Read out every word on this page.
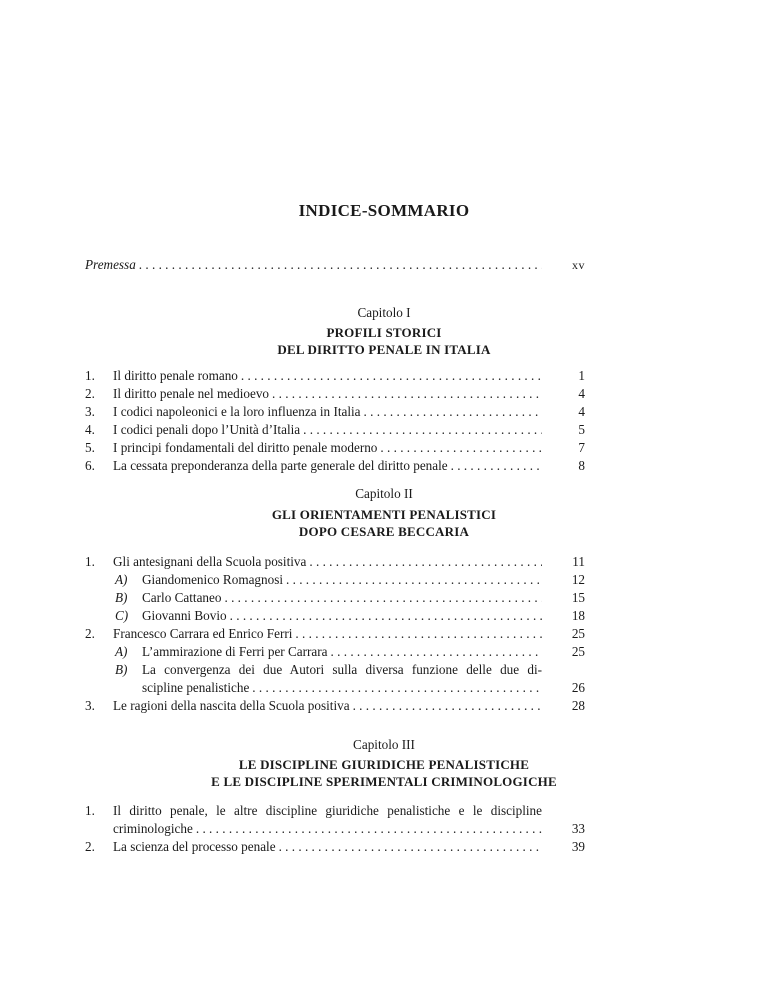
INDICE-SOMMARIO
Premessa . . .	xv
Capitolo I
PROFILI STORICI
DEL DIRITTO PENALE IN ITALIA
1. Il diritto penale romano . . .	1
2. Il diritto penale nel medioevo . . .	4
3. I codici napoleonici e la loro influenza in Italia . . .	4
4. I codici penali dopo l’Unità d’Italia . . .	5
5. I principi fondamentali del diritto penale moderno . . .	7
6. La cessata preponderanza della parte generale del diritto penale . . .	8
Capitolo II
GLI ORIENTAMENTI PENALISTICI
DOPO CESARE BECCARIA
1. Gli antesignani della Scuola positiva . . .	11
A) Giandomenico Romagnosi . . .	12
B) Carlo Cattaneo . . .	15
C) Giovanni Bovio . . .	18
2. Francesco Carrara ed Enrico Ferri . . .	25
A) L’ammirazione di Ferri per Carrara . . .	25
B) La convergenza dei due Autori sulla diversa funzione delle due di-
scipline penalistiche . . .	26
3. Le ragioni della nascita della Scuola positiva . . .	28
Capitolo III
LE DISCIPLINE GIURIDICHE PENALISTICHE
E LE DISCIPLINE SPERIMENTALI CRIMINOLOGICHE
1. Il diritto penale, le altre discipline giuridiche penalistiche e le discipline
criminologiche . . .	33
2. La scienza del processo penale . . .	39
